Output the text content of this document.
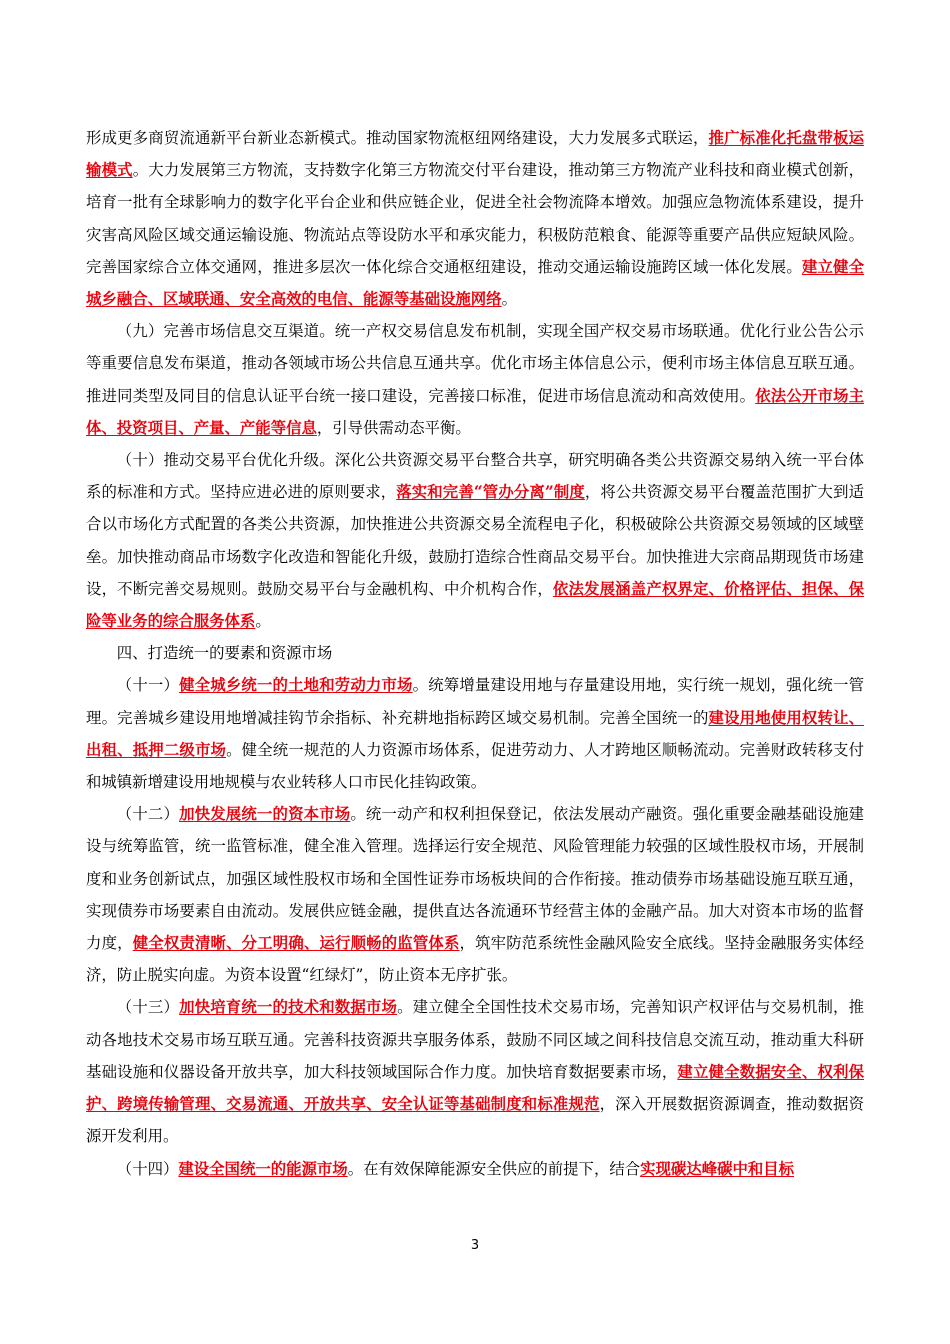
形成更多商贸流通新平台新业态新模式。推动国家物流枢纽网络建设，大力发展多式联运，推广标准化托盘带板运输模式。大力发展第三方物流，支持数字化第三方物流交付平台建设，推动第三方物流产业科技和商业模式创新，培育一批有全球影响力的数字化平台企业和供应链企业，促进全社会物流降本增效。加强应急物流体系建设，提升灾害高风险区域交通运输设施、物流站点等设防水平和承灾能力，积极防范粮食、能源等重要产品供应短缺风险。完善国家综合立体交通网，推进多层次一体化综合交通枢纽建设，推动交通运输设施跨区域一体化发展。建立健全城乡融合、区域联通、安全高效的电信、能源等基础设施网络。

（九）完善市场信息交互渠道。统一产权交易信息发布机制，实现全国产权交易市场联通。优化行业公告公示等重要信息发布渠道，推动各领域市场公共信息互通共享。优化市场主体信息公示，便利市场主体信息互联互通。推进同类型及同目的信息认证平台统一接口建设，完善接口标准，促进市场信息流动和高效使用。依法公开市场主体、投资项目、产量、产能等信息，引导供需动态平衡。

（十）推动交易平台优化升级。深化公共资源交易平台整合共享，研究明确各类公共资源交易纳入统一平台体系的标准和方式。坚持应进必进的原则要求，落实和完善“管办分离”制度，将公共资源交易平台覆盖范围扩大到适合以市场化方式配置的各类公共资源，加快推进公共资源交易全流程电子化，积极破除公共资源交易领域的区域壁垒。加快推动商品市场数字化改造和智能化升级，鼓励打造综合性商品交易平台。加快推进大宗商品期现货市场建设，不断完善交易规则。鼓励交易平台与金融机构、中介机构合作，依法发展涵盖产权界定、价格评估、担保、保险等业务的综合服务体系。

四、打造统一的要素和资源市场

（十一）健全城乡统一的土地和劳动力市场。统筹增量建设用地与存量建设用地，实行统一规划，强化统一管理。完善城乡建设用地增减挂钩节余指标、补充耕地指标跨区域交易机制。完善全国统一的建设用地使用权转让、出租、抵押二级市场。健全统一规范的人力资源市场体系，促进劳动力、人才跨地区顺畅流动。完善财政转移支付和城镇新增建设用地规模与农业转移人口市民化挂钩政策。

（十二）加快发展统一的资本市场。统一动产和权利担保登记，依法发展动产融资。强化重要金融基础设施建设与统筹监管，统一监管标准，健全准入管理。选择运行安全规范、风险管理能力较强的区域性股权市场，开展制度和业务创新试点，加强区域性股权市场和全国性证券市场板块间的合作衔接。推动债券市场基础设施互联互通，实现债券市场要素自由流动。发展供应链金融，提供直达各流通环节经营主体的金融产品。加大对资本市场的监督力度，健全权责清晰、分工明确、运行顺畅的监管体系，筑牢防范系统性金融风险安全底线。坚持金融服务实体经济，防止脱实向虚。为资本设置“红绿灯”，防止资本无序扩张。

（十三）加快培育统一的技术和数据市场。建立健全全国性技术交易市场，完善知识产权评估与交易机制，推动各地技术交易市场互联互通。完善科技资源共享服务体系，鼓励不同区域之间科技信息交流互动，推动重大科研基础设施和仪器设备开放共享，加大科技领域国际合作力度。加快培育数据要素市场，建立健全数据安全、权利保护、跨境传输管理、交易流通、开放共享、安全认证等基础制度和标准规范，深入开展数据资源调查，推动数据资源开发利用。

（十四）建设全国统一的能源市场。在有效保障能源安全供应的前提下，结合实现碳达峰碳中和目标

3
